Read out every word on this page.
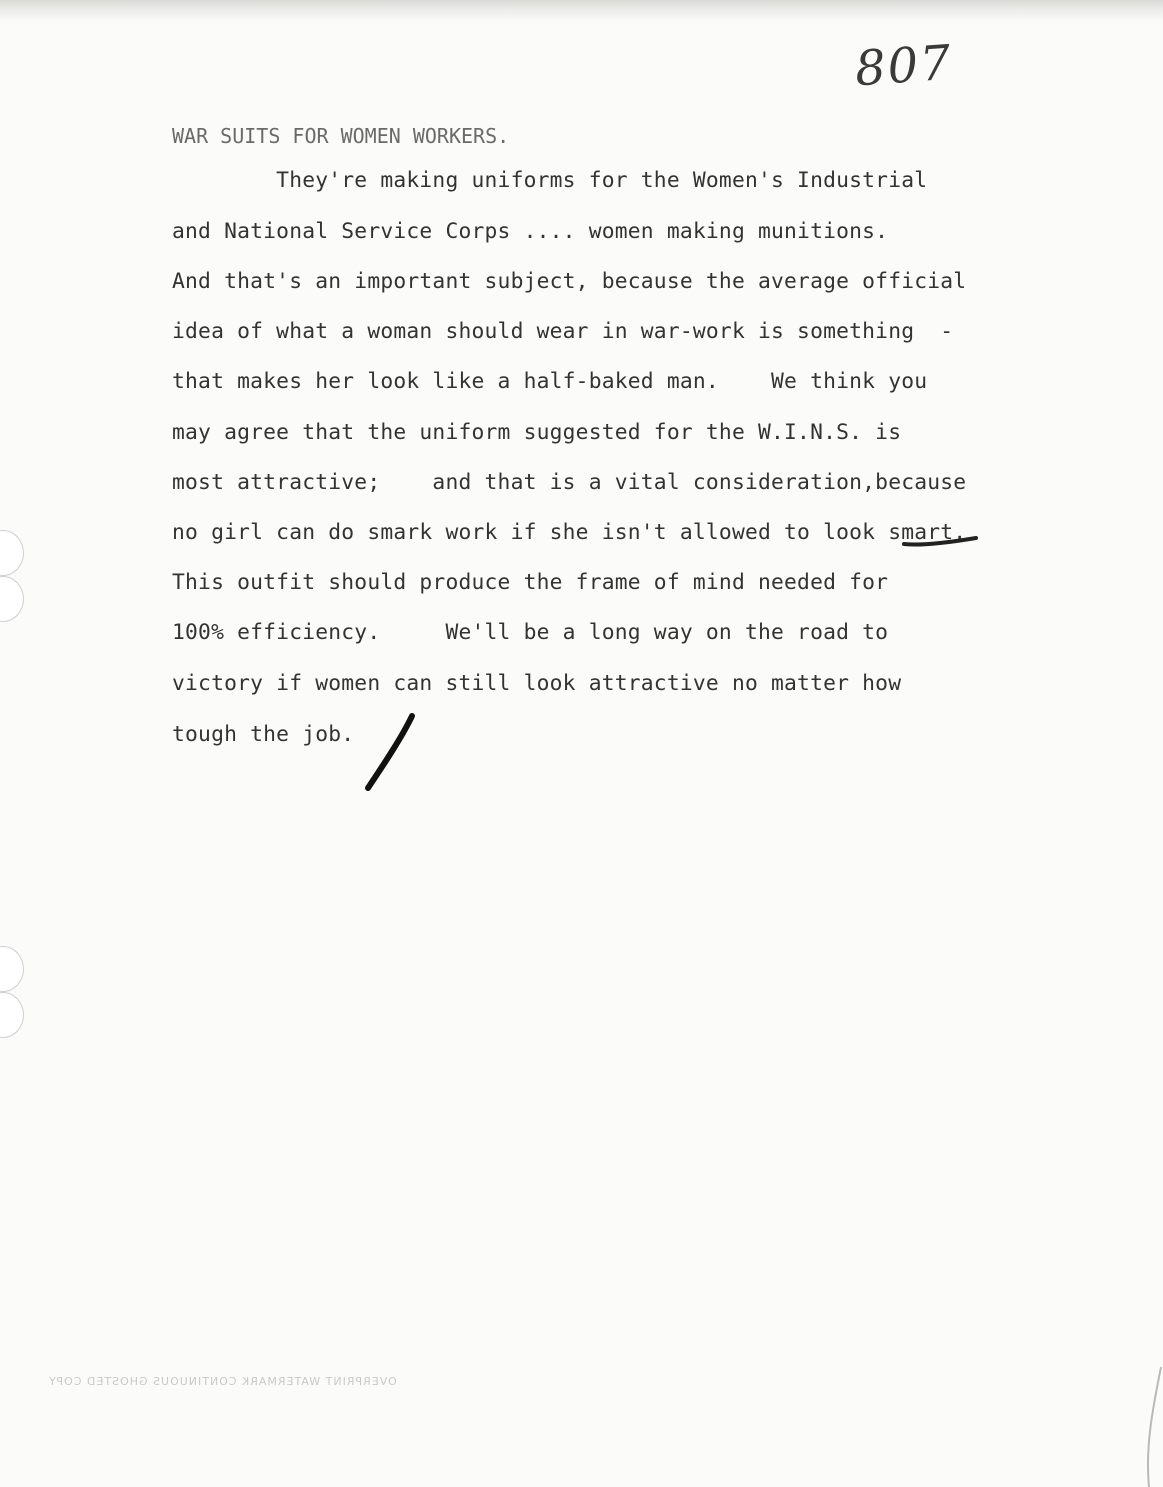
807
WAR SUITS FOR WOMEN WORKERS.
They're making uniforms for the Women's Industrial
and National Service Corps .... women making munitions.
And that's an important subject, because the average official
idea of what a woman should wear in war-work is something  -
that makes her look like a half-baked man.    We think you
may agree that the uniform suggested for the W.I.N.S. is
most attractive;    and that is a vital consideration,because
no girl can do smark work if she isn't allowed to look smart.
This outfit should produce the frame of mind needed for
100% efficiency.     We'll be a long way on the road to
victory if women can still look attractive no matter how
tough the job.
OVERPRINT WATERMARK CONTINUOUS GHOSTED COPY
